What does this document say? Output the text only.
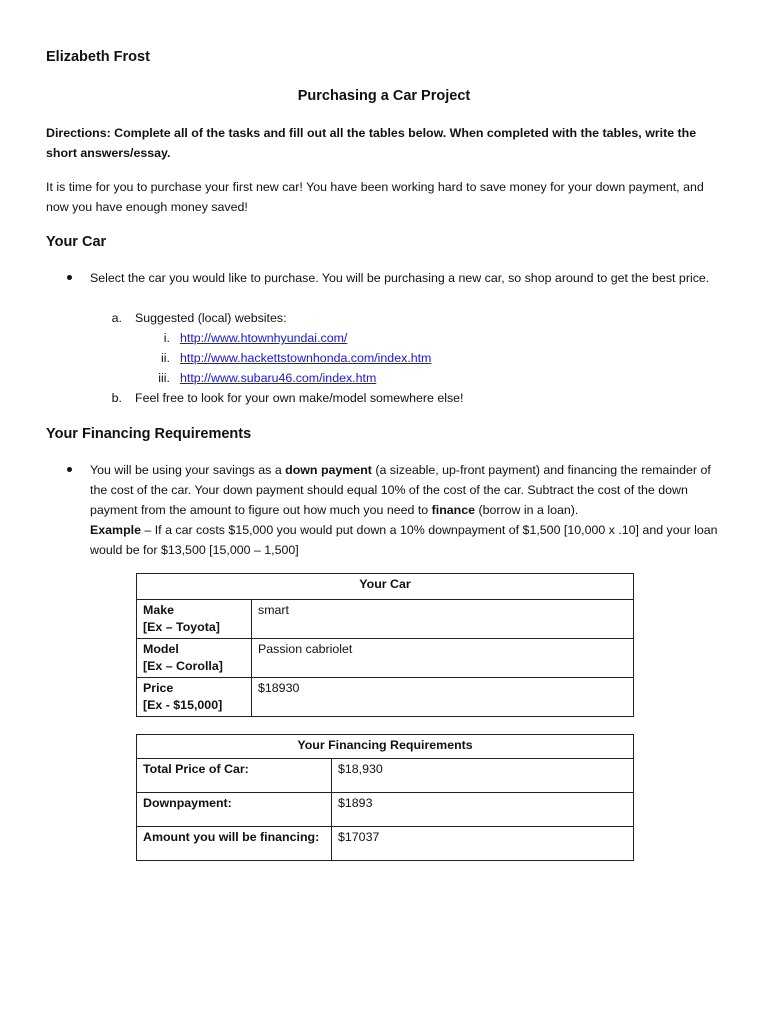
Elizabeth Frost
Purchasing a Car Project
Directions: Complete all of the tasks and fill out all the tables below. When completed with the tables, write the short answers/essay.
It is time for you to purchase your first new car! You have been working hard to save money for your down payment, and now you have enough money saved!
Your Car
Select the car you would like to purchase. You will be purchasing a new car, so shop around to get the best price.
a. Suggested (local) websites:
i. http://www.htownhyundai.com/
ii. http://www.hackettstownhonda.com/index.htm
iii. http://www.subaru46.com/index.htm
b. Feel free to look for your own make/model somewhere else!
Your Financing Requirements
You will be using your savings as a down payment (a sizeable, up-front payment) and financing the remainder of the cost of the car. Your down payment should equal 10% of the cost of the car. Subtract the cost of the down payment from the amount to figure out how much you need to finance (borrow in a loan).
Example – If a car costs $15,000 you would put down a 10% downpayment of $1,500 [10,000 x .10] and your loan would be for $13,500 [15,000 – 1,500]
Your Car	

Make
[Ex – Toyota]	smart

Model
[Ex – Corolla]	Passion cabriolet

Price
[Ex - $15,000]	$18930
Your Financing Requirements	
Total Price of Car:	$18,930
Downpayment:	$1893
Amount you will be financing:	$17037
